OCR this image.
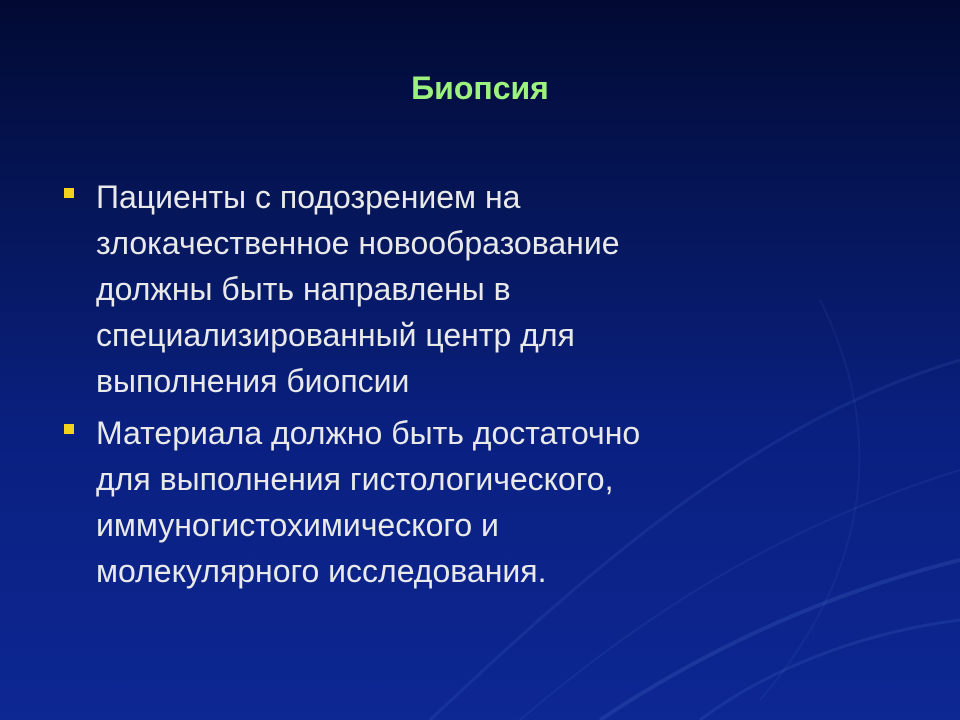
Биопсия
Пациенты с подозрением на
злокачественное новообразование
должны быть направлены в
специализированный центр для
выполнения биопсии
Материала должно быть достаточно
для выполнения гистологического,
иммуногистохимического и
молекулярного исследования.
